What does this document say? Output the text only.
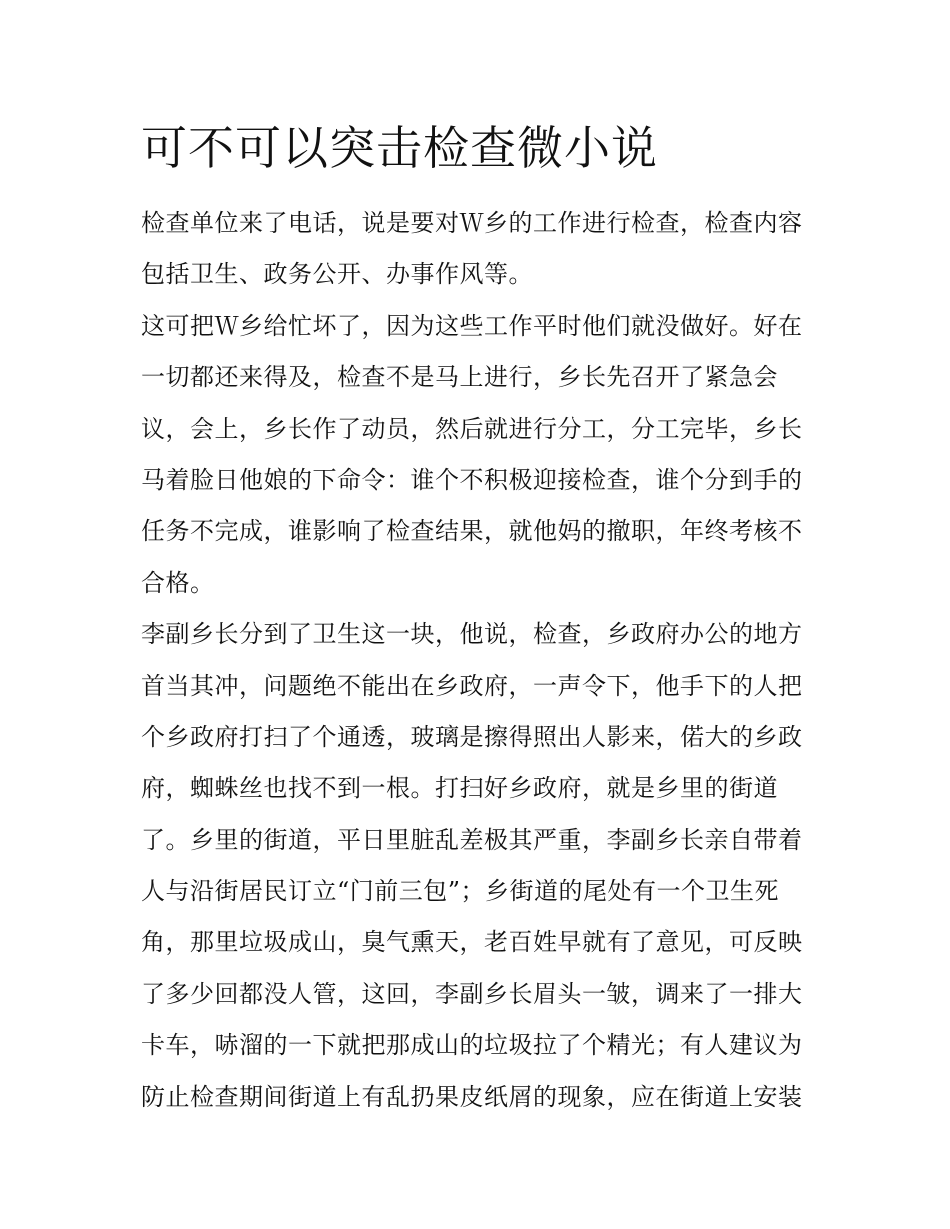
可不可以突击检查微小说
检查单位来了电话，说是要对Ｗ乡的工作进行检查，检查内容
包括卫生、政务公开、办事作风等。
这可把Ｗ乡给忙坏了，因为这些工作平时他们就没做好。好在
一切都还来得及，检查不是马上进行，乡长先召开了紧急会
议，会上，乡长作了动员，然后就进行分工，分工完毕，乡长
马着脸日他娘的下命令：谁个不积极迎接检查，谁个分到手的
任务不完成，谁影响了检查结果，就他妈的撤职，年终考核不
合格。
李副乡长分到了卫生这一块，他说，检查，乡政府办公的地方
首当其冲，问题绝不能出在乡政府，一声令下，他手下的人把
个乡政府打扫了个通透，玻璃是擦得照出人影来，偌大的乡政
府，蜘蛛丝也找不到一根。打扫好乡政府，就是乡里的街道
了。乡里的街道，平日里脏乱差极其严重，李副乡长亲自带着
人与沿街居民订立“门前三包”；乡街道的尾处有一个卫生死
角，那里垃圾成山，臭气熏天，老百姓早就有了意见，可反映
了多少回都没人管，这回，李副乡长眉头一皱，调来了一排大
卡车，哧溜的一下就把那成山的垃圾拉了个精光；有人建议为
防止检查期间街道上有乱扔果皮纸屑的现象，应在街道上安装
